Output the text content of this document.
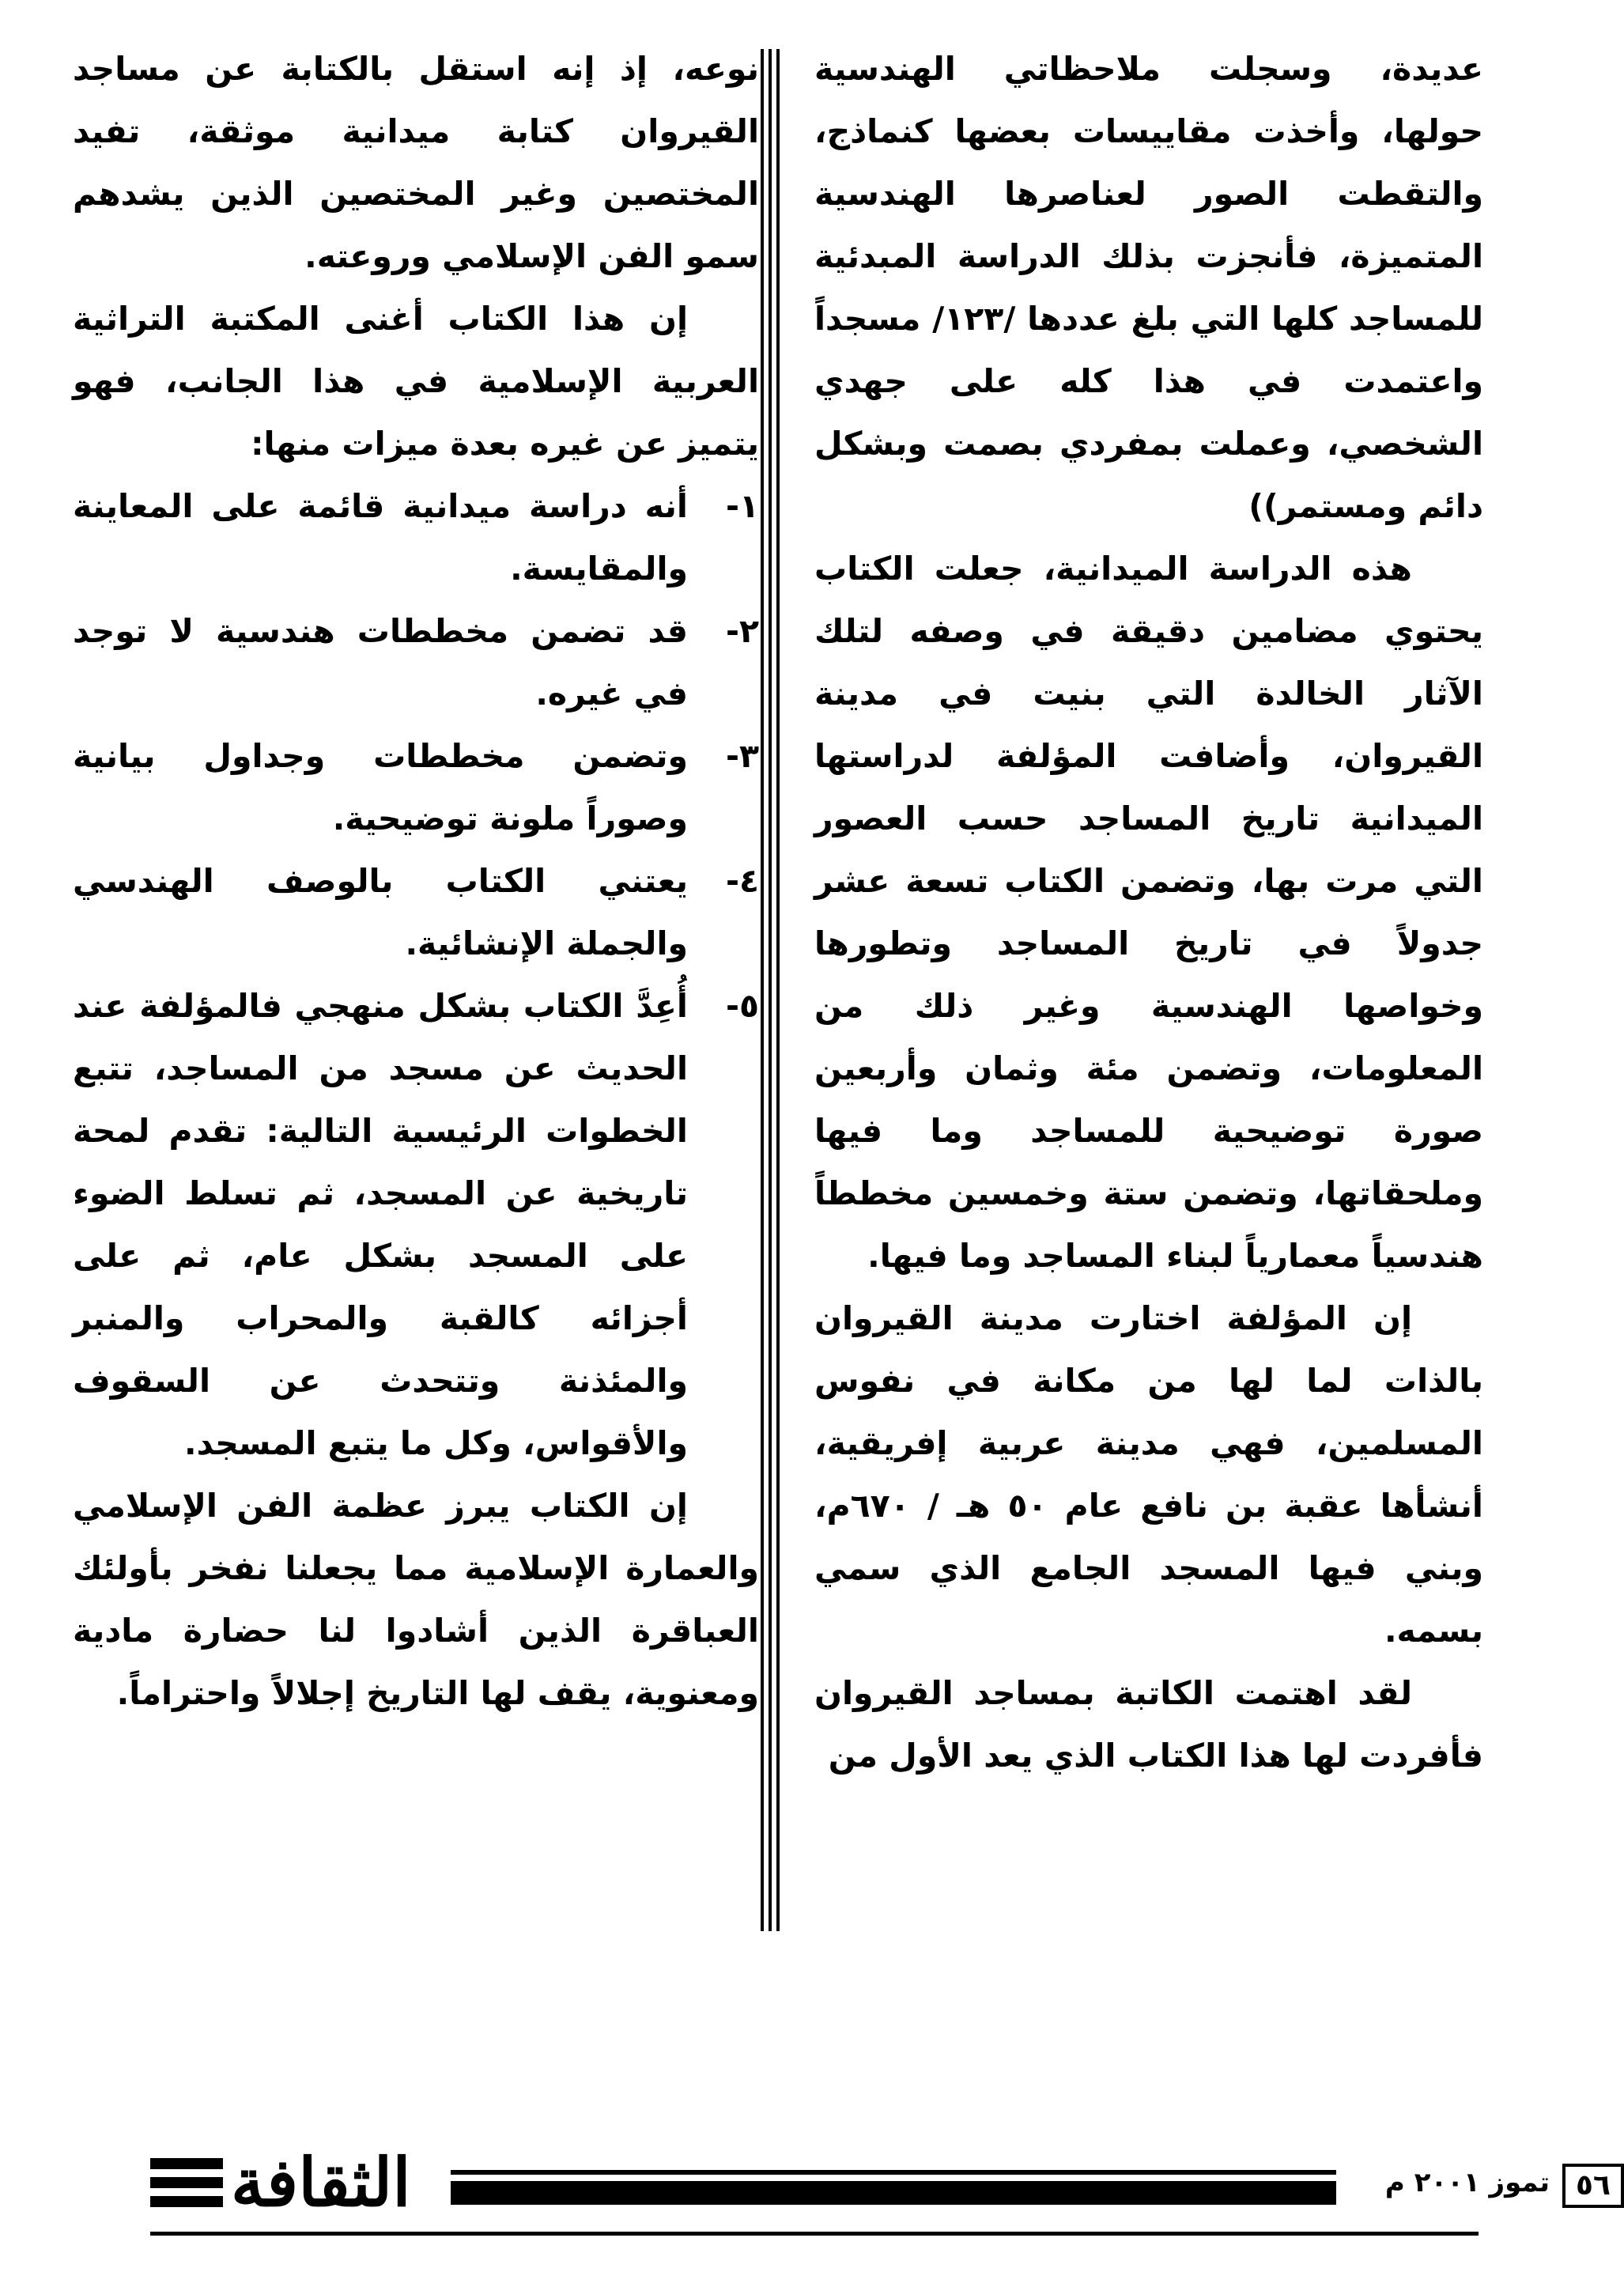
عديدة، وسجلت ملاحظاتي الهندسية حولها، وأخذت مقاييسات بعضها كنماذج، والتقطت الصور لعناصرها الهندسية المتميزة، فأنجزت بذلك الدراسة المبدئية للمساجد كلها التي بلغ عددها /١٢٣/ مسجداً واعتمدت في هذا كله على جهدي الشخصي، وعملت بمفردي بصمت وبشكل دائم ومستمر))

هذه الدراسة الميدانية، جعلت الكتاب يحتوي مضامين دقيقة في وصفه لتلك الآثار الخالدة التي بنيت في مدينة القيروان، وأضافت المؤلفة لدراستها الميدانية تاريخ المساجد حسب العصور التي مرت بها، وتضمن الكتاب تسعة عشر جدولاً في تاريخ المساجد وتطورها وخواصها الهندسية وغير ذلك من المعلومات، وتضمن مئة وثمان وأربعين صورة توضيحية للمساجد وما فيها وملحقاتها، وتضمن ستة وخمسين مخططاً هندسياً معمارياً لبناء المساجد وما فيها.

إن المؤلفة اختارت مدينة القيروان بالذات لما لها من مكانة في نفوس المسلمين، فهي مدينة عربية إفريقية، أنشأها عقبة بن نافع عام ٥٠ هـ / ٦٧٠م، وبني فيها المسجد الجامع الذي سمي بسمه.

لقد اهتمت الكاتبة بمساجد القيروان فأفردت لها هذا الكتاب الذي يعد الأول من

نوعه، إذ إنه استقل بالكتابة عن مساجد القيروان كتابة ميدانية موثقة، تفيد المختصين وغير المختصين الذين يشدهم سمو الفن الإسلامي وروعته.

إن هذا الكتاب أغنى المكتبة التراثية العربية الإسلامية في هذا الجانب، فهو يتميز عن غيره بعدة ميزات منها:

١-
أنه دراسة ميدانية قائمة على المعاينة والمقايسة.
٢-
قد تضمن مخططات هندسية لا توجد في غيره.
٣-
وتضمن مخططات وجداول بيانية وصوراً ملونة توضيحية.
٤-
يعتني الكتاب بالوصف الهندسي والجملة الإنشائية.
٥-
أُعِدَّ الكتاب بشكل منهجي فالمؤلفة عند الحديث عن مسجد من المساجد، تتبع الخطوات الرئيسية التالية: تقدم لمحة تاريخية عن المسجد، ثم تسلط الضوء على المسجد بشكل عام، ثم على أجزائه كالقبة والمحراب والمنبر والمئذنة وتتحدث عن السقوف والأقواس، وكل ما يتبع المسجد.

إن الكتاب يبرز عظمة الفن الإسلامي والعمارة الإسلامية مما يجعلنا نفخر بأولئك العباقرة الذين أشادوا لنا حضارة مادية ومعنوية، يقف لها التاريخ إجلالاً واحتراماً.

الثقافة	تموز ٢٠٠١ م ٥٦
